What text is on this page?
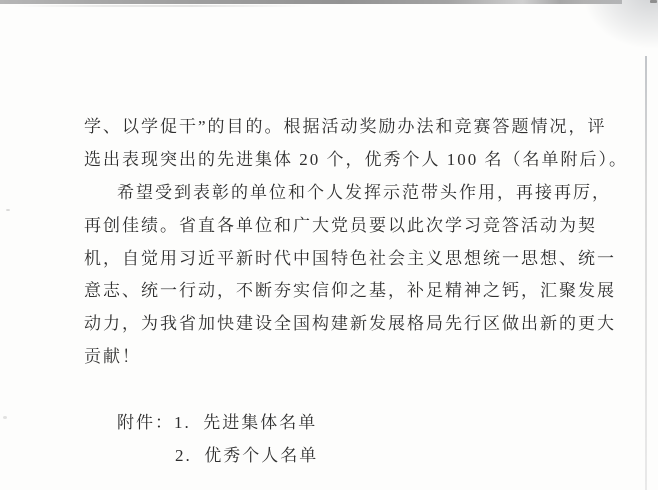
学、以学促干”的目的。根据活动奖励办法和竞赛答题情况，评
选出表现突出的先进集体 20 个，优秀个人 100 名（名单附后）。
希望受到表彰的单位和个人发挥示范带头作用，再接再厉，
再创佳绩。省直各单位和广大党员要以此次学习竞答活动为契
机，自觉用习近平新时代中国特色社会主义思想统一思想、统一
意志、统一行动，不断夯实信仰之基，补足精神之钙，汇聚发展
动力，为我省加快建设全国构建新发展格局先行区做出新的更大
贡献！
附件：1.  先进集体名单
2.  优秀个人名单
